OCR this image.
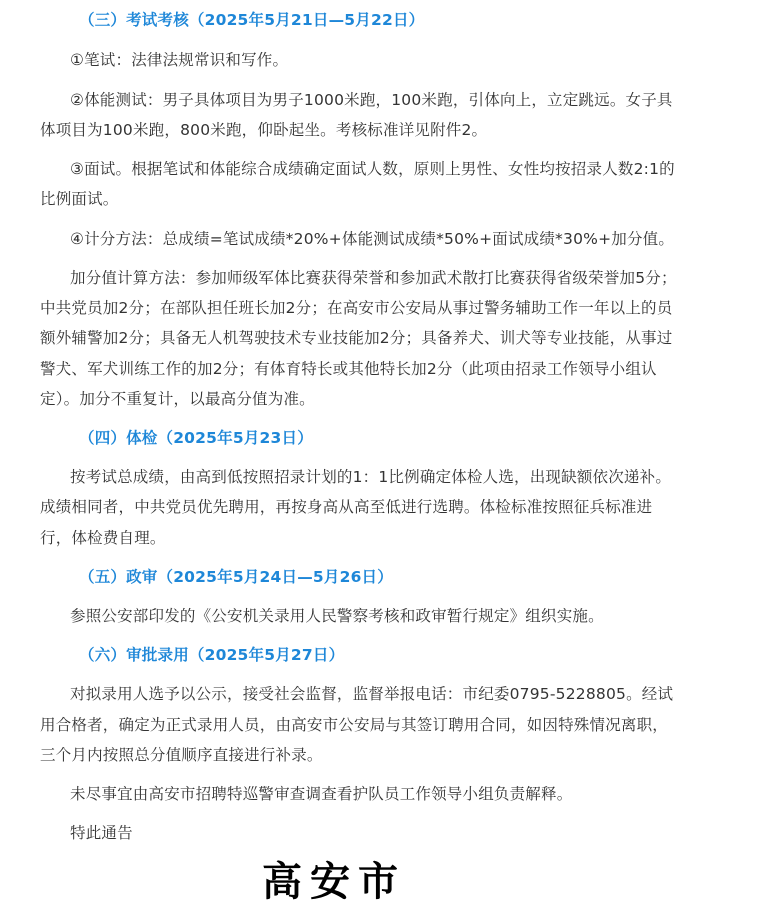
（三）考试考核（2025年5月21日—5月22日）
①笔试：法律法规常识和写作。
②体能测试：男子具体项目为男子1000米跑，100米跑，引体向上，立定跳远。女子具
体项目为100米跑，800米跑，仰卧起坐。考核标准详见附件2。
③面试。根据笔试和体能综合成绩确定面试人数，原则上男性、女性均按招录人数2:1的
比例面试。
④计分方法：总成绩=笔试成绩*20%+体能测试成绩*50%+面试成绩*30%+加分值。
加分值计算方法：参加师级军体比赛获得荣誉和参加武术散打比赛获得省级荣誉加5分；
中共党员加2分；在部队担任班长加2分；在高安市公安局从事过警务辅助工作一年以上的员
额外辅警加2分；具备无人机驾驶技术专业技能加2分；具备养犬、训犬等专业技能，从事过
警犬、军犬训练工作的加2分；有体育特长或其他特长加2分（此项由招录工作领导小组认
定）。加分不重复计，以最高分值为准。
（四）体检（2025年5月23日）
按考试总成绩，由高到低按照招录计划的1：1比例确定体检人选，出现缺额依次递补。
成绩相同者，中共党员优先聘用，再按身高从高至低进行选聘。体检标准按照征兵标准进
行，体检费自理。
（五）政审（2025年5月24日—5月26日）
参照公安部印发的《公安机关录用人民警察考核和政审暂行规定》组织实施。
（六）审批录用（2025年5月27日）
对拟录用人选予以公示，接受社会监督，监督举报电话：市纪委0795-5228805。经试
用合格者，确定为正式录用人员，由高安市公安局与其签订聘用合同，如因特殊情况离职，
三个月内按照总分值顺序直接进行补录。
未尽事宜由高安市招聘特巡警审查调查看护队员工作领导小组负责解释。
特此通告
高安市
